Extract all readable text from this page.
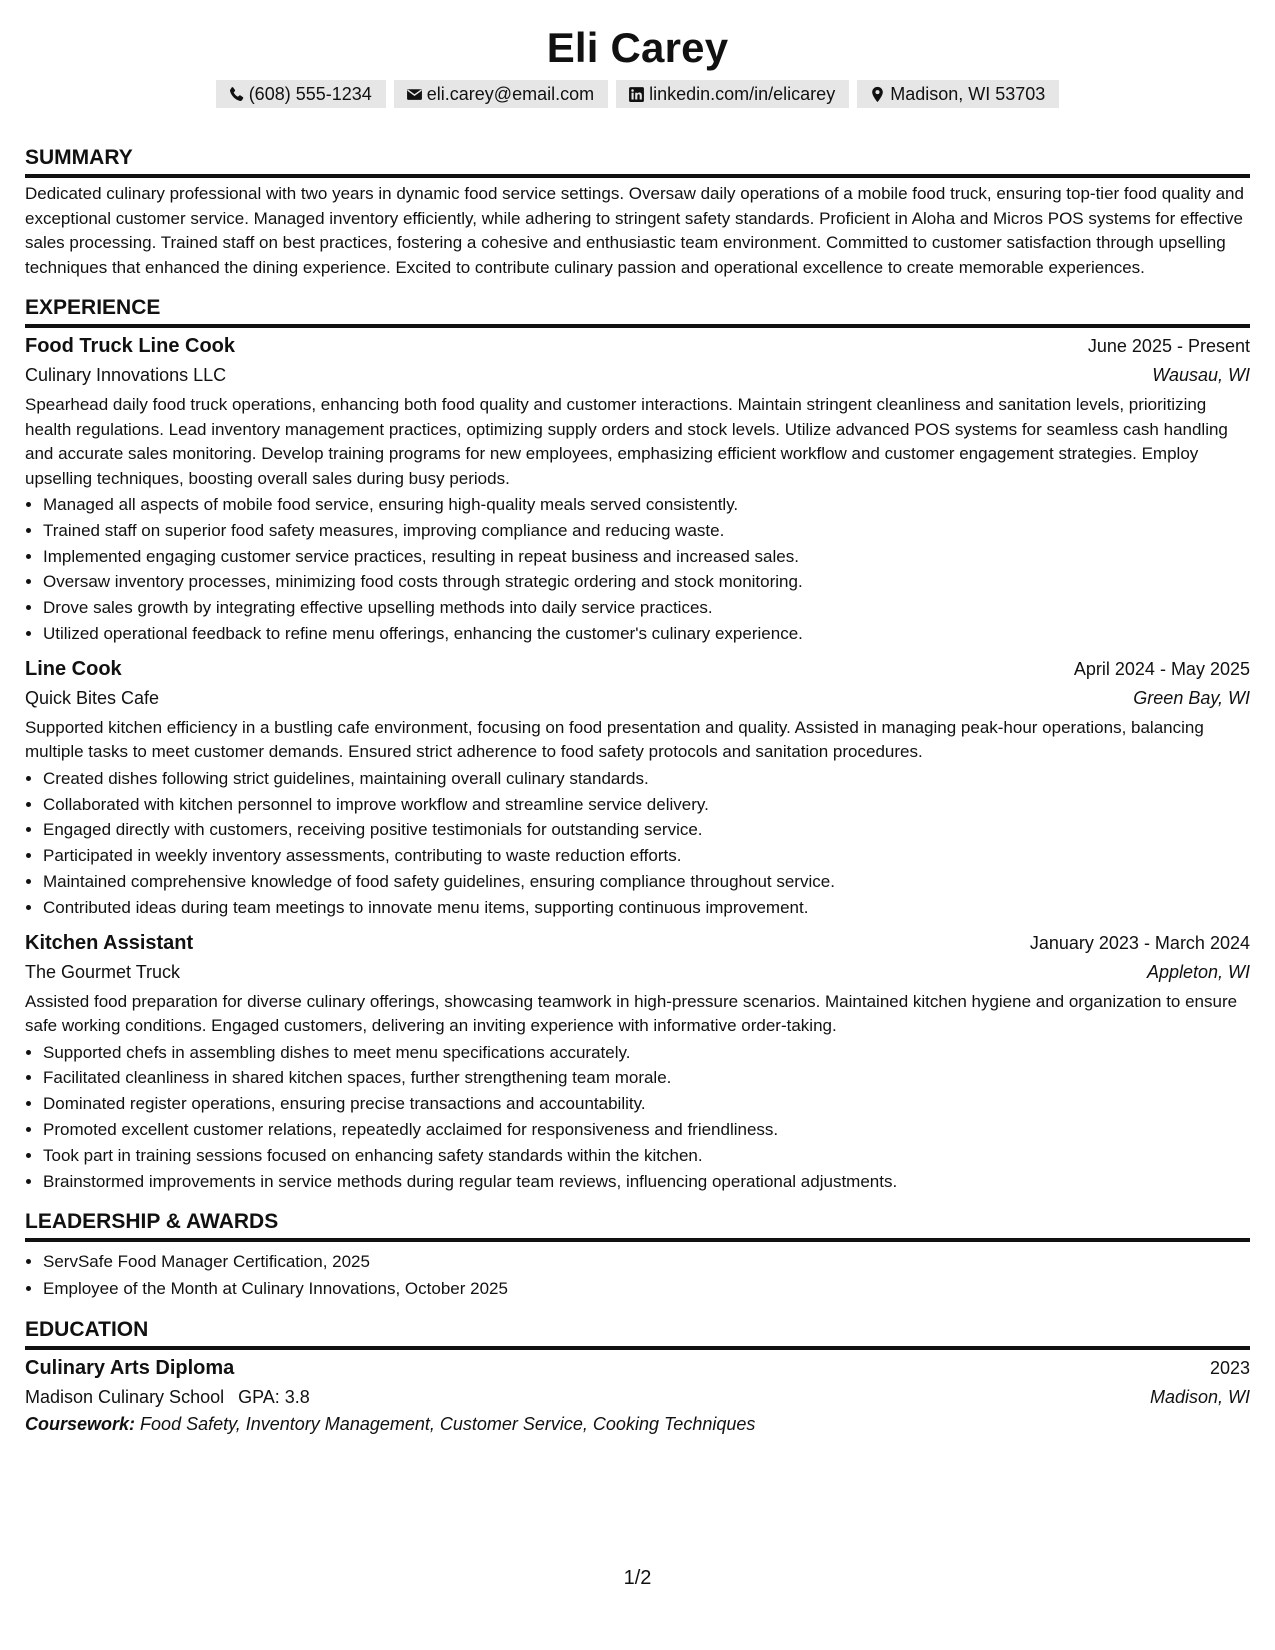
Eli Carey
(608) 555-1234	eli.carey@email.com	linkedin.com/in/elicarey	Madison, WI 53703
SUMMARY

Dedicated culinary professional with two years in dynamic food service settings. Oversaw daily operations of a mobile food truck, ensuring top-tier food quality and exceptional customer service. Managed inventory efficiently, while adhering to stringent safety standards. Proficient in Aloha and Micros POS systems for effective sales processing. Trained staff on best practices, fostering a cohesive and enthusiastic team environment. Committed to customer satisfaction through upselling techniques that enhanced the dining experience. Excited to contribute culinary passion and operational excellence to create memorable experiences.

EXPERIENCE
Food Truck Line Cook	June 2025 - Present
Culinary Innovations LLC	Wausau, WI

Spearhead daily food truck operations, enhancing both food quality and customer interactions. Maintain stringent cleanliness and sanitation levels, prioritizing health regulations. Lead inventory management practices, optimizing supply orders and stock levels. Utilize advanced POS systems for seamless cash handling and accurate sales monitoring. Develop training programs for new employees, emphasizing efficient workflow and customer engagement strategies. Employ upselling techniques, boosting overall sales during busy periods.

• Managed all aspects of mobile food service, ensuring high-quality meals served consistently.
• Trained staff on superior food safety measures, improving compliance and reducing waste.
• Implemented engaging customer service practices, resulting in repeat business and increased sales.
• Oversaw inventory processes, minimizing food costs through strategic ordering and stock monitoring.
• Drove sales growth by integrating effective upselling methods into daily service practices.
• Utilized operational feedback to refine menu offerings, enhancing the customer's culinary experience.
Line Cook	April 2024 - May 2025
Quick Bites Cafe	Green Bay, WI

Supported kitchen efficiency in a bustling cafe environment, focusing on food presentation and quality. Assisted in managing peak-hour operations, balancing multiple tasks to meet customer demands. Ensured strict adherence to food safety protocols and sanitation procedures.

• Created dishes following strict guidelines, maintaining overall culinary standards.
• Collaborated with kitchen personnel to improve workflow and streamline service delivery.
• Engaged directly with customers, receiving positive testimonials for outstanding service.
• Participated in weekly inventory assessments, contributing to waste reduction efforts.
• Maintained comprehensive knowledge of food safety guidelines, ensuring compliance throughout service.
• Contributed ideas during team meetings to innovate menu items, supporting continuous improvement.
Kitchen Assistant	January 2023 - March 2024
The Gourmet Truck	Appleton, WI

Assisted food preparation for diverse culinary offerings, showcasing teamwork in high-pressure scenarios. Maintained kitchen hygiene and organization to ensure safe working conditions. Engaged customers, delivering an inviting experience with informative order-taking.

• Supported chefs in assembling dishes to meet menu specifications accurately.
• Facilitated cleanliness in shared kitchen spaces, further strengthening team morale.
• Dominated register operations, ensuring precise transactions and accountability.
• Promoted excellent customer relations, repeatedly acclaimed for responsiveness and friendliness.
• Took part in training sessions focused on enhancing safety standards within the kitchen.
• Brainstormed improvements in service methods during regular team reviews, influencing operational adjustments.
LEADERSHIP & AWARDS
• ServSafe Food Manager Certification, 2025
• Employee of the Month at Culinary Innovations, October 2025
EDUCATION
Culinary Arts Diploma	2023
Madison Culinary School GPA: 3.8	Madison, WI
Coursework: Food Safety, Inventory Management, Customer Service, Cooking Techniques
1/2
